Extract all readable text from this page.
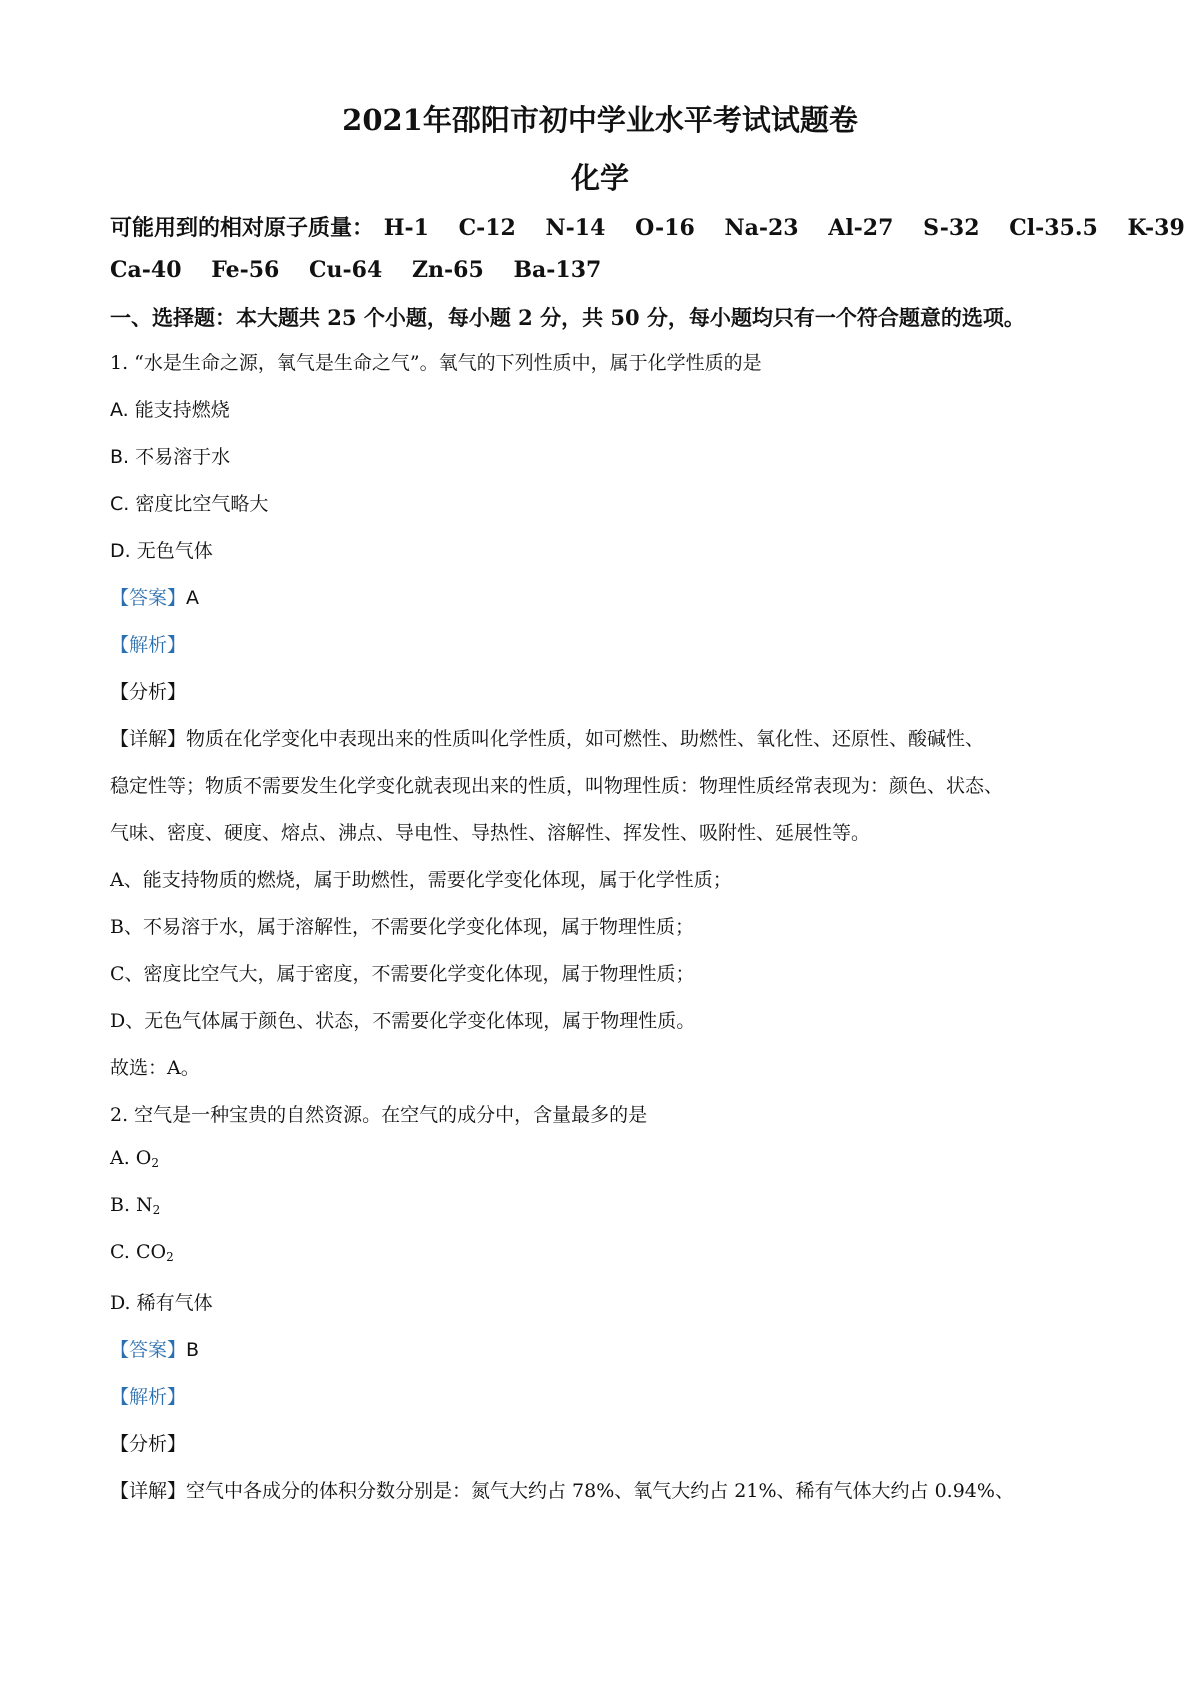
2021年邵阳市初中学业水平考试试题卷
化学
可能用到的相对原子质量： H-1 C-12 N-14 O-16 Na-23 Al-27 S-32 Cl-35.5 K-39
Ca-40 Fe-56 Cu-64 Zn-65 Ba-137
一、选择题：本大题共 25 个小题，每小题 2 分，共 50 分，每小题均只有一个符合题意的选项。
1. “水是生命之源，氧气是生命之气”。氧气的下列性质中，属于化学性质的是
A. 能支持燃烧
B. 不易溶于水
C. 密度比空气略大
D. 无色气体
【答案】A
【解析】
【分析】
【详解】物质在化学变化中表现出来的性质叫化学性质，如可燃性、助燃性、氧化性、还原性、酸碱性、
稳定性等；物质不需要发生化学变化就表现出来的性质，叫物理性质：物理性质经常表现为：颜色、状态、
气味、密度、硬度、熔点、沸点、导电性、导热性、溶解性、挥发性、吸附性、延展性等。
A、能支持物质的燃烧，属于助燃性，需要化学变化体现，属于化学性质；
B、不易溶于水，属于溶解性，不需要化学变化体现，属于物理性质；
C、密度比空气大，属于密度，不需要化学变化体现，属于物理性质；
D、无色气体属于颜色、状态，不需要化学变化体现，属于物理性质。
故选：A。
2. 空气是一种宝贵的自然资源。在空气的成分中，含量最多的是
A. $O_2$
B. $N_2$
C. $CO_2$
D. 稀有气体
【答案】B
【解析】
【分析】
【详解】空气中各成分的体积分数分别是：氮气大约占 78%、氧气大约占 21%、稀有气体大约占 0.94%、
